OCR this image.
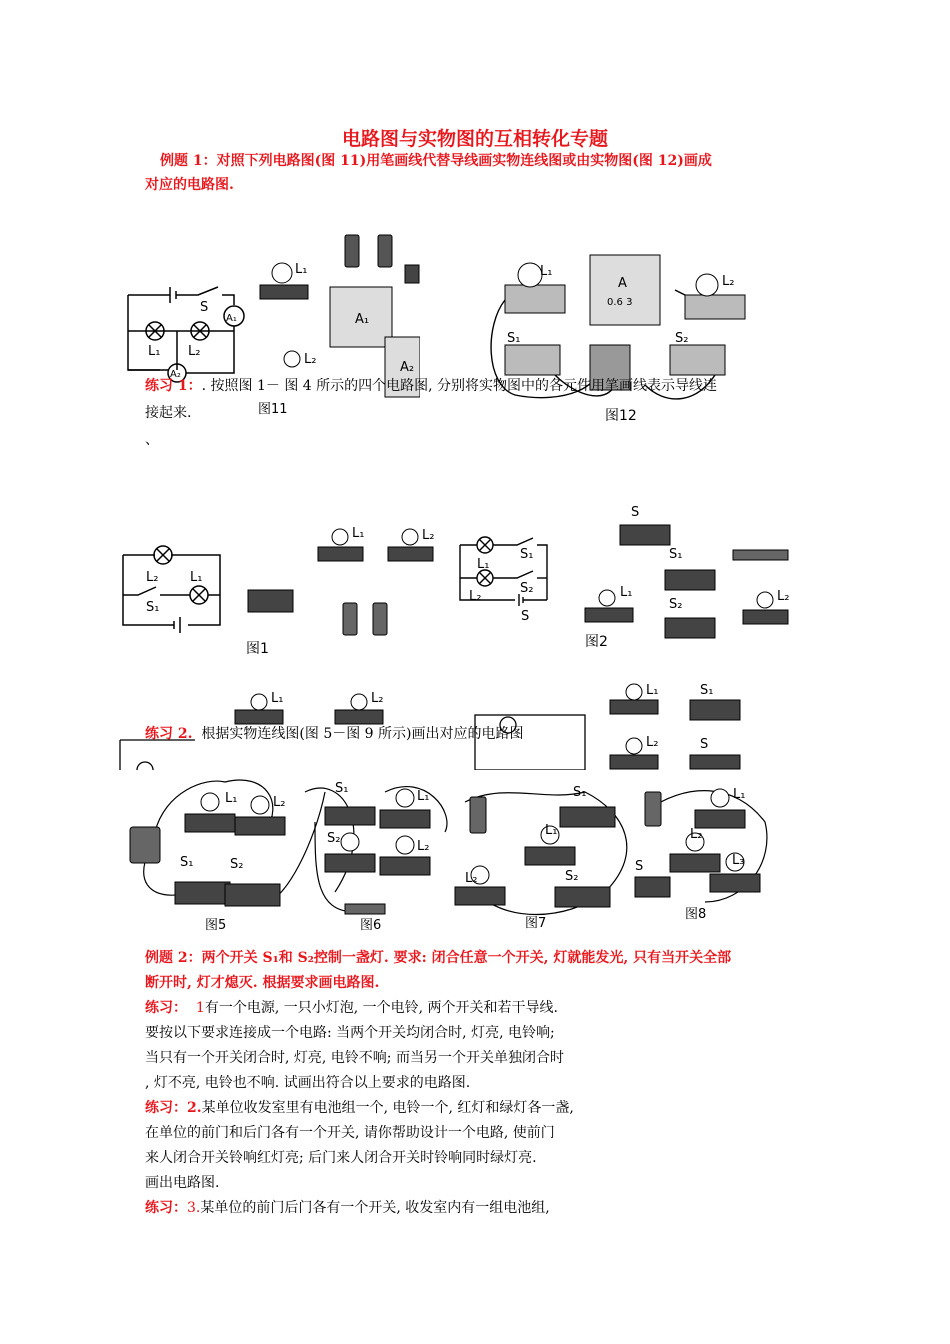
电路图与实物图的互相转化专题
例题 1：对照下列电路图(图 11)用笔画线代替导线画实物连线图或由实物图(图 12)画成
对应的电路图.
S
A₁
L₁ L₂
A₂
L₁
A₁
A₂
L₂
图11
L₁
A
0.6 3
L₂
S₁	S₂
图12
练习 1：. 按照图 1－ 图 4 所示的四个电路图, 分别将实物图中的各元件用笔画线表示导线连
接起来.
、
L₂ L₁
S₁
L₁	L₂
图1
S₁
L₁
S₂
L₂
S
S
S₁
L₁
S₂
L₂
图2
L₁	L₂
L₁	S₁
L₂	S
练习 2. 根据实物连线图(图 5－图 9 所示)画出对应的电路图
L₁	L₂
S₁	S₂
图5
S₁
L₁
S₂
L₂
图6
S₁
L₁
L₂	S₂
图7
L₁
L₂
L₃
S
图8
例题 2：两个开关 S₁和 S₂控制一盏灯. 要求: 闭合任意一个开关, 灯就能发光, 只有当开关全部
断开时, 灯才熄灭. 根据要求画电路图.
练习： 1有一个电源, 一只小灯泡, 一个电铃, 两个开关和若干导线.
要按以下要求连接成一个电路: 当两个开关均闭合时, 灯亮, 电铃响;
当只有一个开关闭合时, 灯亮, 电铃不响; 而当另一个开关单独闭合时
, 灯不亮, 电铃也不响. 试画出符合以上要求的电路图.
练习：2.某单位收发室里有电池组一个, 电铃一个, 红灯和绿灯各一盏,
在单位的前门和后门各有一个开关, 请你帮助设计一个电路, 使前门
来人闭合开关铃响红灯亮; 后门来人闭合开关时铃响同时绿灯亮.
画出电路图.
练习：3.某单位的前门后门各有一个开关, 收发室内有一组电池组,
